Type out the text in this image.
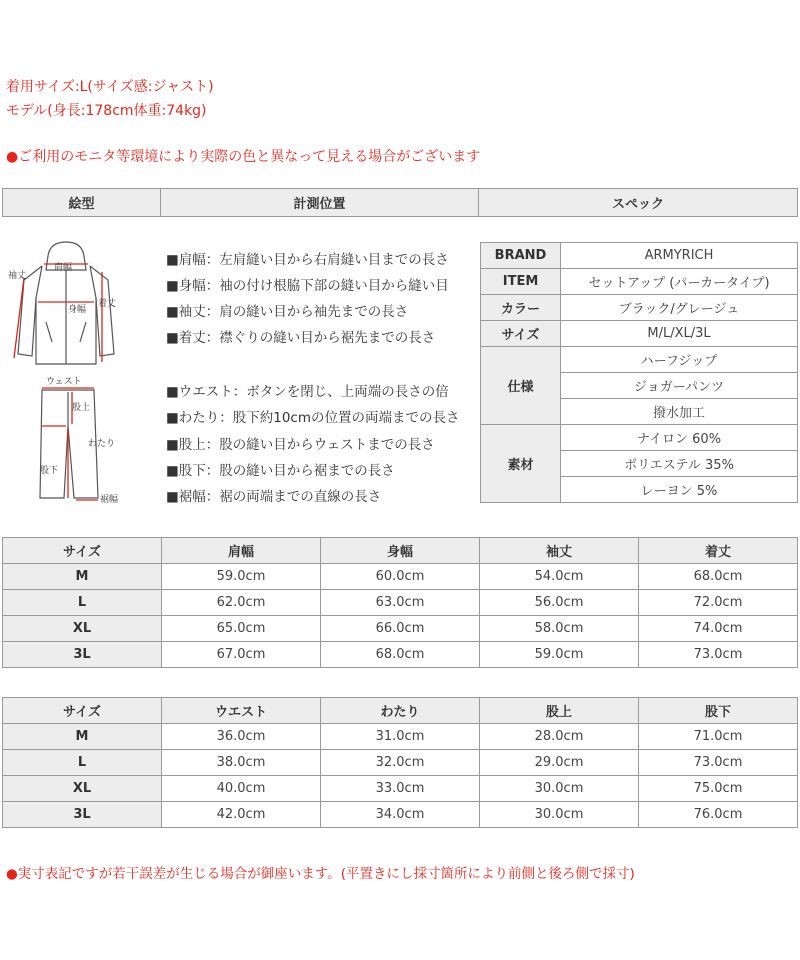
着用サイズ:L(サイズ感:ジャスト)
モデル(身長:178cm体重:74kg)
●ご利用のモニタ等環境により実際の色と異なって見える場合がございます
絵型	計測位置	スペック
肩幅
身幅
袖丈
着丈
ウェスト
股上
わたり
股下
裾幅
■肩幅：左肩縫い目から右肩縫い目までの長さ
■身幅：袖の付け根脇下部の縫い目から縫い目
■袖丈：肩の縫い目から袖先までの長さ
■着丈：襟ぐりの縫い目から裾先までの長さ
■ウエスト：ボタンを閉じ、上両端の長さの倍
■わたり：股下約10cmの位置の両端までの長さ
■股上：股の縫い目からウェストまでの長さ
■股下：股の縫い目から裾までの長さ
■裾幅：裾の両端までの直線の長さ
BRAND	ARMYRICH
ITEM	セットアップ (パーカータイプ)
カラー	ブラック/グレージュ
サイズ	M/L/XL/3L
仕様	ハーフジップ
	ジョガーパンツ
	撥水加工
素材	ナイロン 60%
	ポリエステル 35%
	レーヨン 5%
サイズ	肩幅	身幅	袖丈	着丈
M	59.0cm	60.0cm	54.0cm	68.0cm
L	62.0cm	63.0cm	56.0cm	72.0cm
XL	65.0cm	66.0cm	58.0cm	74.0cm
3L	67.0cm	68.0cm	59.0cm	73.0cm
サイズ	ウエスト	わたり	股上	股下
M	36.0cm	31.0cm	28.0cm	71.0cm
L	38.0cm	32.0cm	29.0cm	73.0cm
XL	40.0cm	33.0cm	30.0cm	75.0cm
3L	42.0cm	34.0cm	30.0cm	76.0cm
●実寸表記ですが若干誤差が生じる場合が御座います。(平置きにし採寸箇所により前側と後ろ側で採寸)
